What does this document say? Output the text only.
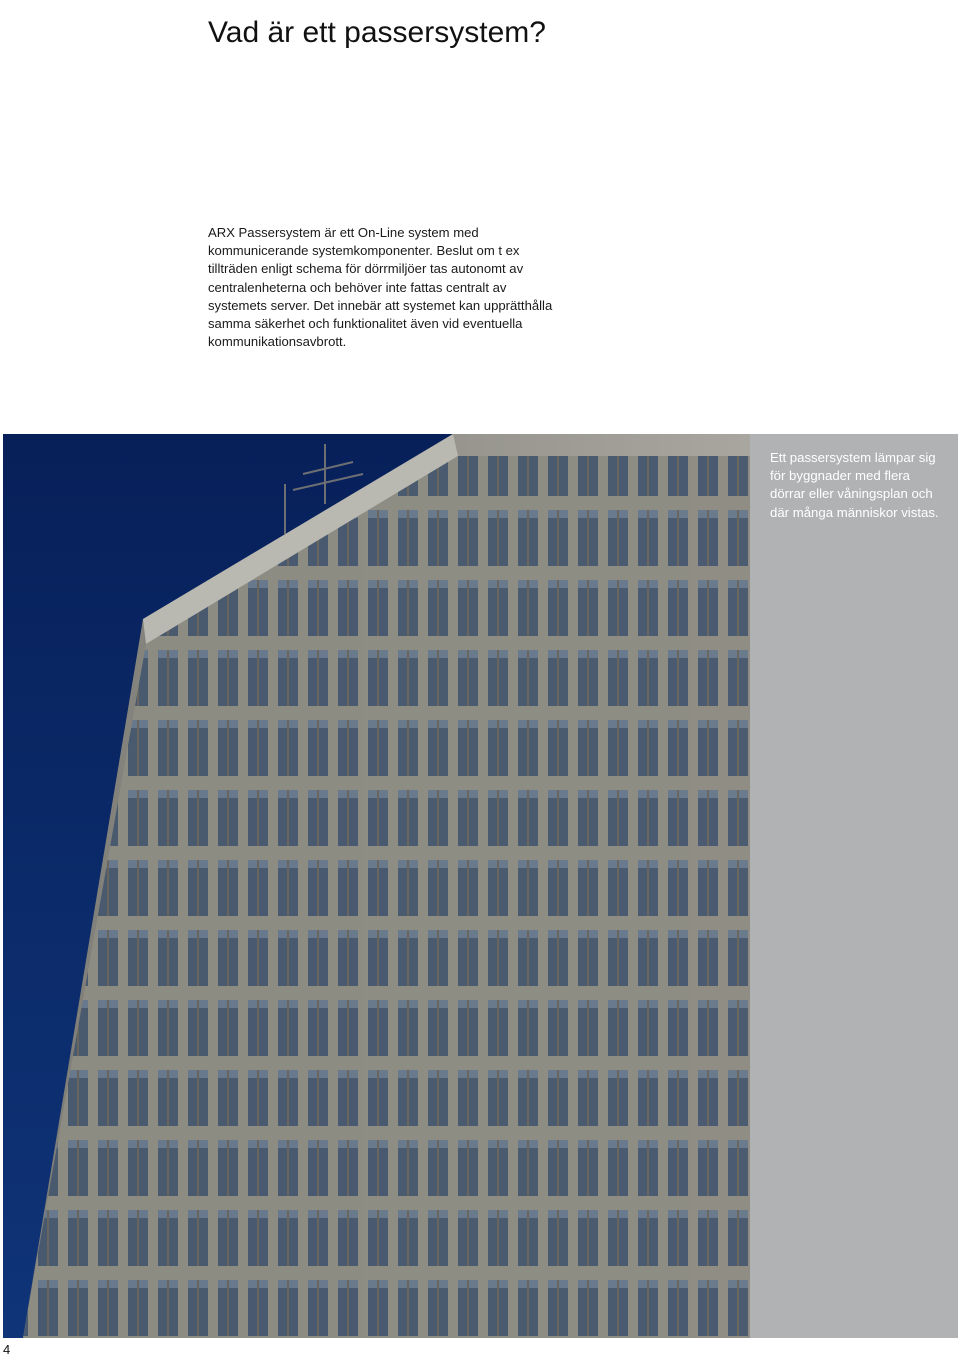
Vad är ett passersystem?
ARX Passersystem är ett On-Line system med
kommunicerande systemkomponenter. Beslut om t ex
tillträden enligt schema för dörrmiljöer tas autonomt av
centralenheterna och behöver inte fattas centralt av
systemets server. Det innebär att systemet kan upprätthålla
samma säkerhet och funktionalitet även vid eventuella
kommunikationsavbrott.
Ett passersystem lämpar sig
för byggnader med flera
dörrar eller våningsplan och
där många människor vistas.
4
